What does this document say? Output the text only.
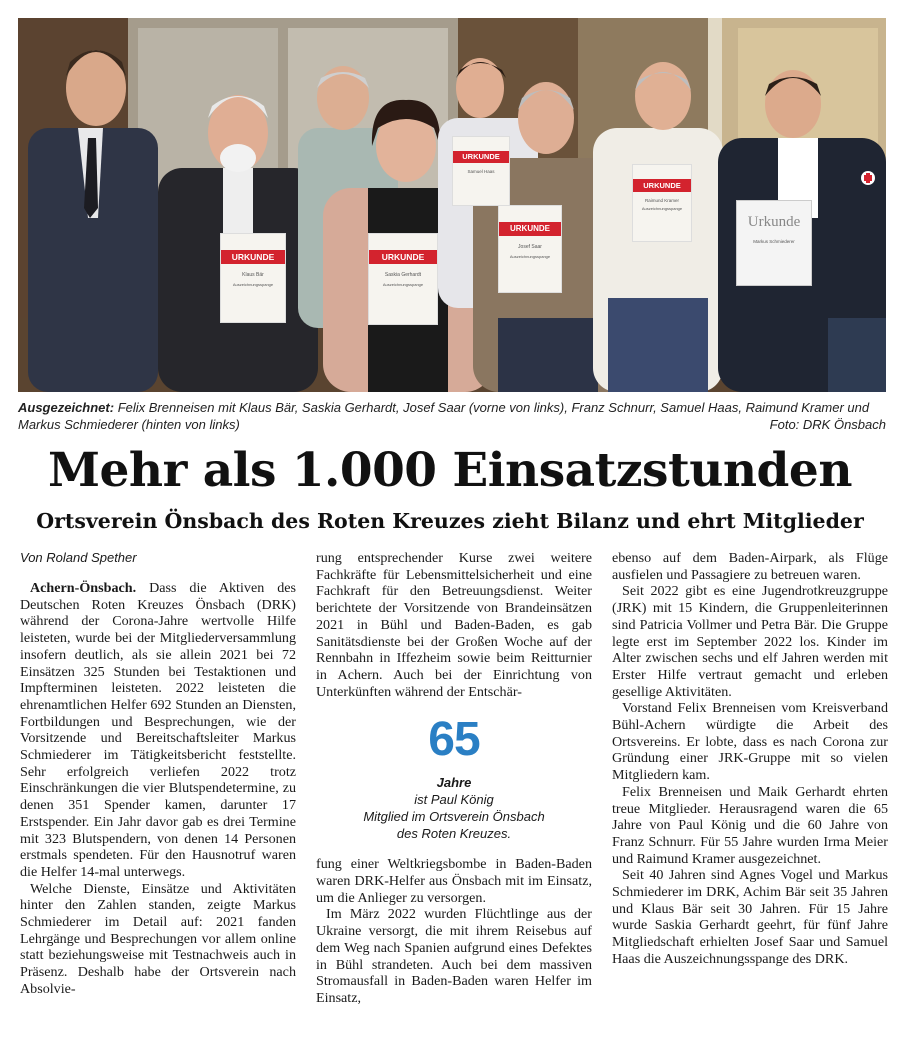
URKUNDE
Klaus Bär
Auszeichnungsspange
URKUNDE
Saskia Gerhardt
Auszeichnungsspange
URKUNDE
Samuel Haas
URKUNDE
Josef Saar
Auszeichnungsspange
URKUNDE
Raimund Kramer
Auszeichnungsspange
Urkunde
Markus Schmiederer
Ausgezeichnet: Felix Brenneisen mit Klaus Bär, Saskia Gerhardt, Josef Saar (vorne von links), Franz Schnurr, Samuel Haas, Raimund Kramer und Markus Schmiederer (hinten von links)	Foto: DRK Önsbach
Mehr als 1.000 Einsatzstunden
Ortsverein Önsbach des Roten Kreuzes zieht Bilanz und ehrt Mitglieder
Von Roland Spether

Achern-Önsbach. Dass die Aktiven des Deutschen Roten Kreuzes Önsbach (DRK) während der Corona-Jahre wertvolle Hilfe leisteten, wurde bei der Mitgliederversammlung insofern deutlich, als sie allein 2021 bei 72 Einsätzen 325 Stunden bei Testaktionen und Impfterminen leisteten. 2022 leisteten die ehrenamtlichen Helfer 692 Stunden an Diensten, Fortbildungen und Besprechungen, wie der Vorsitzende und Bereitschaftsleiter Markus Schmiederer im Tätigkeitsbericht feststellte. Sehr erfolgreich verliefen 2022 trotz Einschränkungen die vier Blutspendetermine, zu denen 351 Spender kamen, darunter 17 Erstspender. Ein Jahr davor gab es drei Termine mit 323 Blutspendern, von denen 14 Personen erstmals spendeten. Für den Hausnotruf waren die Helfer 14-mal unterwegs.

Welche Dienste, Einsätze und Aktivitäten hinter den Zahlen standen, zeigte Markus Schmiederer im Detail auf: 2021 fanden Lehrgänge und Besprechungen vor allem online statt beziehungsweise mit Testnachweis auch in Präsenz. Deshalb habe der Ortsverein nach Absolvie-

rung entsprechender Kurse zwei weitere Fachkräfte für Lebensmittelsicherheit und eine Fachkraft für den Betreuungsdienst. Weiter berichtete der Vorsitzende von Brandeinsätzen 2021 in Bühl und Baden-Baden, es gab Sanitätsdienste bei der Großen Woche auf der Rennbahn in Iffezheim sowie beim Reitturnier in Achern. Auch bei der Einrichtung von Unterkünften während der Entschär-

65
Jahre
ist Paul König
Mitglied im Ortsverein Önsbach
des Roten Kreuzes.

fung einer Weltkriegsbombe in Baden-Baden waren DRK-Helfer aus Önsbach mit im Einsatz, um die Anlieger zu versorgen.

Im März 2022 wurden Flüchtlinge aus der Ukraine versorgt, die mit ihrem Reisebus auf dem Weg nach Spanien aufgrund eines Defektes in Bühl strandeten. Auch bei dem massiven Stromausfall in Baden-Baden waren Helfer im Einsatz,

ebenso auf dem Baden-Airpark, als Flüge ausfielen und Passagiere zu betreuen waren.

Seit 2022 gibt es eine Jugendrotkreuzgruppe (JRK) mit 15 Kindern, die Gruppenleiterinnen sind Patricia Vollmer und Petra Bär. Die Gruppe legte erst im September 2022 los. Kinder im Alter zwischen sechs und elf Jahren werden mit Erster Hilfe vertraut gemacht und erleben gesellige Aktivitäten.

Vorstand Felix Brenneisen vom Kreisverband Bühl-Achern würdigte die Arbeit des Ortsvereins. Er lobte, dass es nach Corona zur Gründung einer JRK-Gruppe mit so vielen Mitgliedern kam.

Felix Brenneisen und Maik Gerhardt ehrten treue Mitglieder. Herausragend waren die 65 Jahre von Paul König und die 60 Jahre von Franz Schnurr. Für 55 Jahre wurden Irma Meier und Raimund Kramer ausgezeichnet.

Seit 40 Jahren sind Agnes Vogel und Markus Schmiederer im DRK, Achim Bär seit 35 Jahren und Klaus Bär seit 30 Jahren. Für 15 Jahre wurde Saskia Gerhardt geehrt, für fünf Jahre Mitgliedschaft erhielten Josef Saar und Samuel Haas die Auszeichnungsspange des DRK.
